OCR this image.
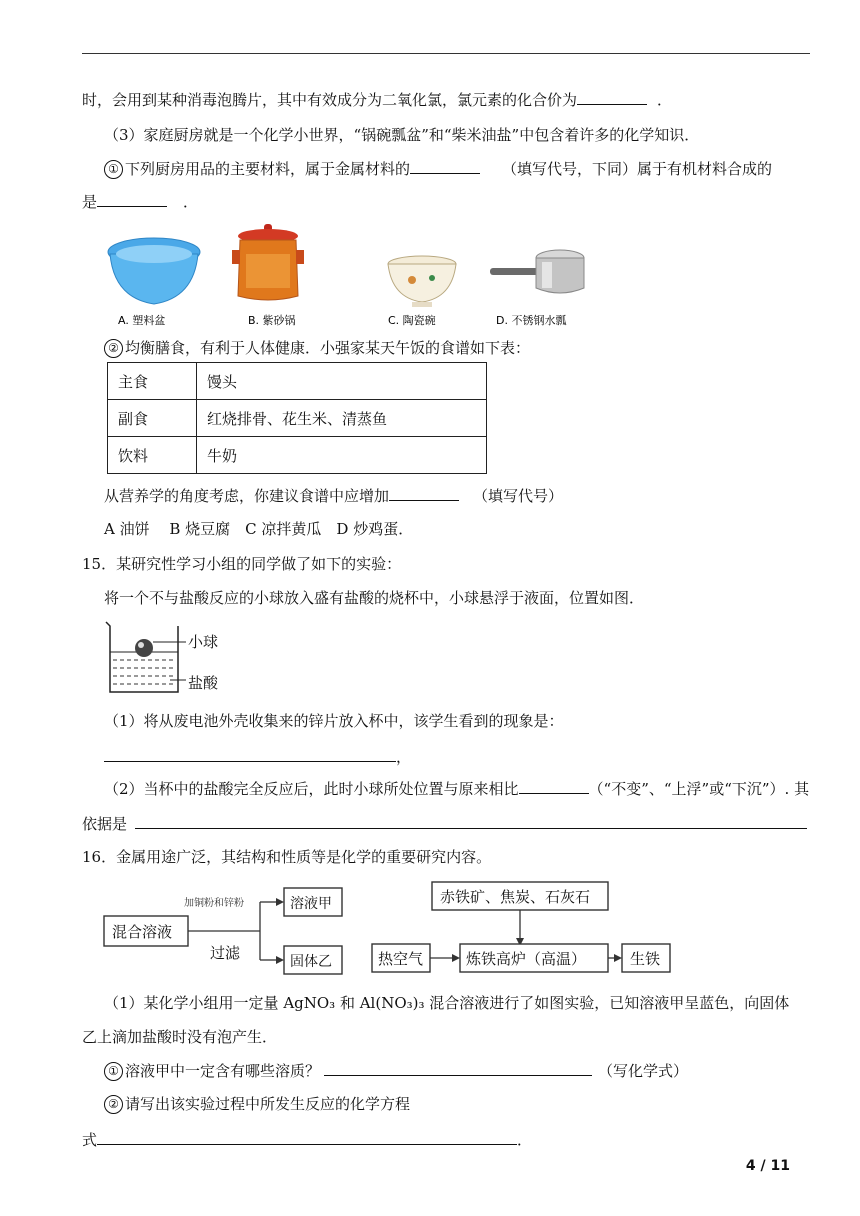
时，会用到某种消毒泡腾片，其中有效成分为二氧化氯，氯元素的化合价为	．
（3）家庭厨房就是一个化学小世界，“锅碗瓢盆”和“柴米油盐”中包含着许多的化学知识．
① 下列厨房用品的主要材料，属于金属材料的	（填写代号，下同）属于有机材料合成的
是	．
A. 塑料盆	B. 紫砂锅	C. 陶瓷碗	D. 不锈钢水瓢
② 均衡膳食，有利于人体健康．小强家某天午饭的食谱如下表：
主食	馒头
副食	红烧排骨、花生米、清蒸鱼
饮料	牛奶
从营养学的角度考虑，你建议食谱中应增加	（填写代号）
A 油饼　 B 烧豆腐　C 凉拌黄瓜　D 炒鸡蛋．
15．某研究性学习小组的同学做了如下的实验：
将一个不与盐酸反应的小球放入盛有盐酸的烧杯中，小球悬浮于液面，位置如图．
小球
盐酸
（1）将从废电池外壳收集来的锌片放入杯中，该学生看到的现象是：
，
（2）当杯中的盐酸完全反应后，此时小球所处位置与原来相比	（“不变”、“上浮”或“下沉”）. 其
依据是
16．金属用途广泛，其结构和性质等是化学的重要研究内容。
混合溶液
加铜粉和锌粉
过滤
溶液甲
固体乙
赤铁矿、焦炭、石灰石
热空气	炼铁高炉（高温）	生铁
（1）某化学小组用一定量 AgNO₃ 和 Al(NO₃)₃ 混合溶液进行了如图实验，已知溶液甲呈蓝色，向固体
乙上滴加盐酸时没有泡产生．
① 溶液甲中一定含有哪些溶质？	（写化学式）
② 请写出该实验过程中所发生反应的化学方程
式	．
4 / 11
